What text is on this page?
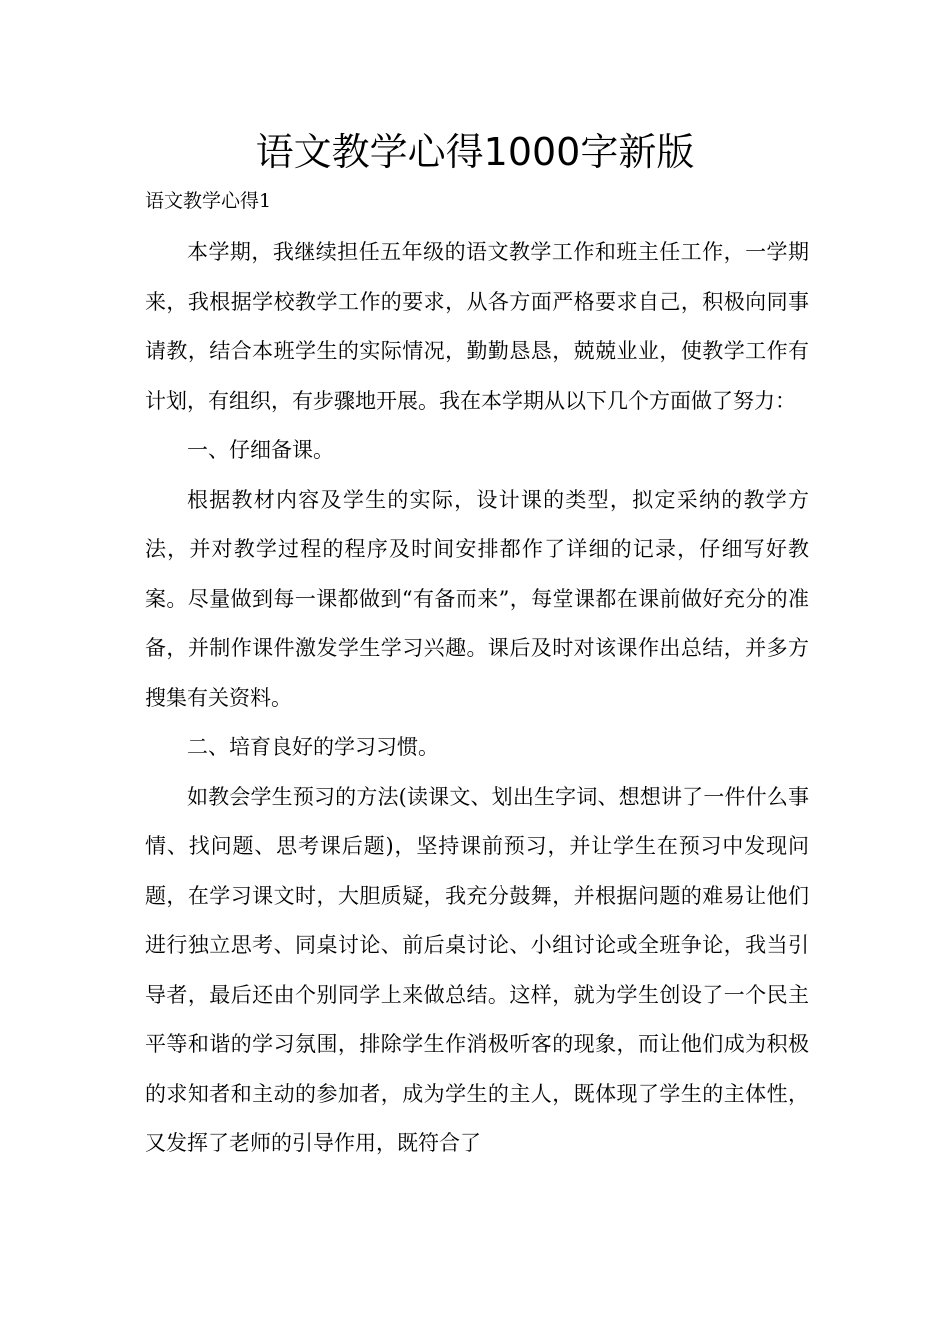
语文教学心得1000字新版

语文教学心得1

本学期，我继续担任五年级的语文教学工作和班主任工作，一学期来，我根据学校教学工作的要求，从各方面严格要求自己，积极向同事请教，结合本班学生的实际情况，勤勤恳恳，兢兢业业，使教学工作有计划，有组织，有步骤地开展。我在本学期从以下几个方面做了努力：

一、仔细备课。

根据教材内容及学生的实际，设计课的类型，拟定采纳的教学方法，并对教学过程的程序及时间安排都作了详细的记录，仔细写好教案。尽量做到每一课都做到“有备而来”，每堂课都在课前做好充分的准备，并制作课件激发学生学习兴趣。课后及时对该课作出总结，并多方搜集有关资料。

二、培育良好的学习习惯。

如教会学生预习的方法(读课文、划出生字词、想想讲了一件什么事情、找问题、思考课后题)，坚持课前预习，并让学生在预习中发现问题，在学习课文时，大胆质疑，我充分鼓舞，并根据问题的难易让他们进行独立思考、同桌讨论、前后桌讨论、小组讨论或全班争论，我当引导者，最后还由个别同学上来做总结。这样，就为学生创设了一个民主平等和谐的学习氛围，排除学生作消极听客的现象，而让他们成为积极的求知者和主动的参加者，成为学生的主人，既体现了学生的主体性，又发挥了老师的引导作用，既符合了
